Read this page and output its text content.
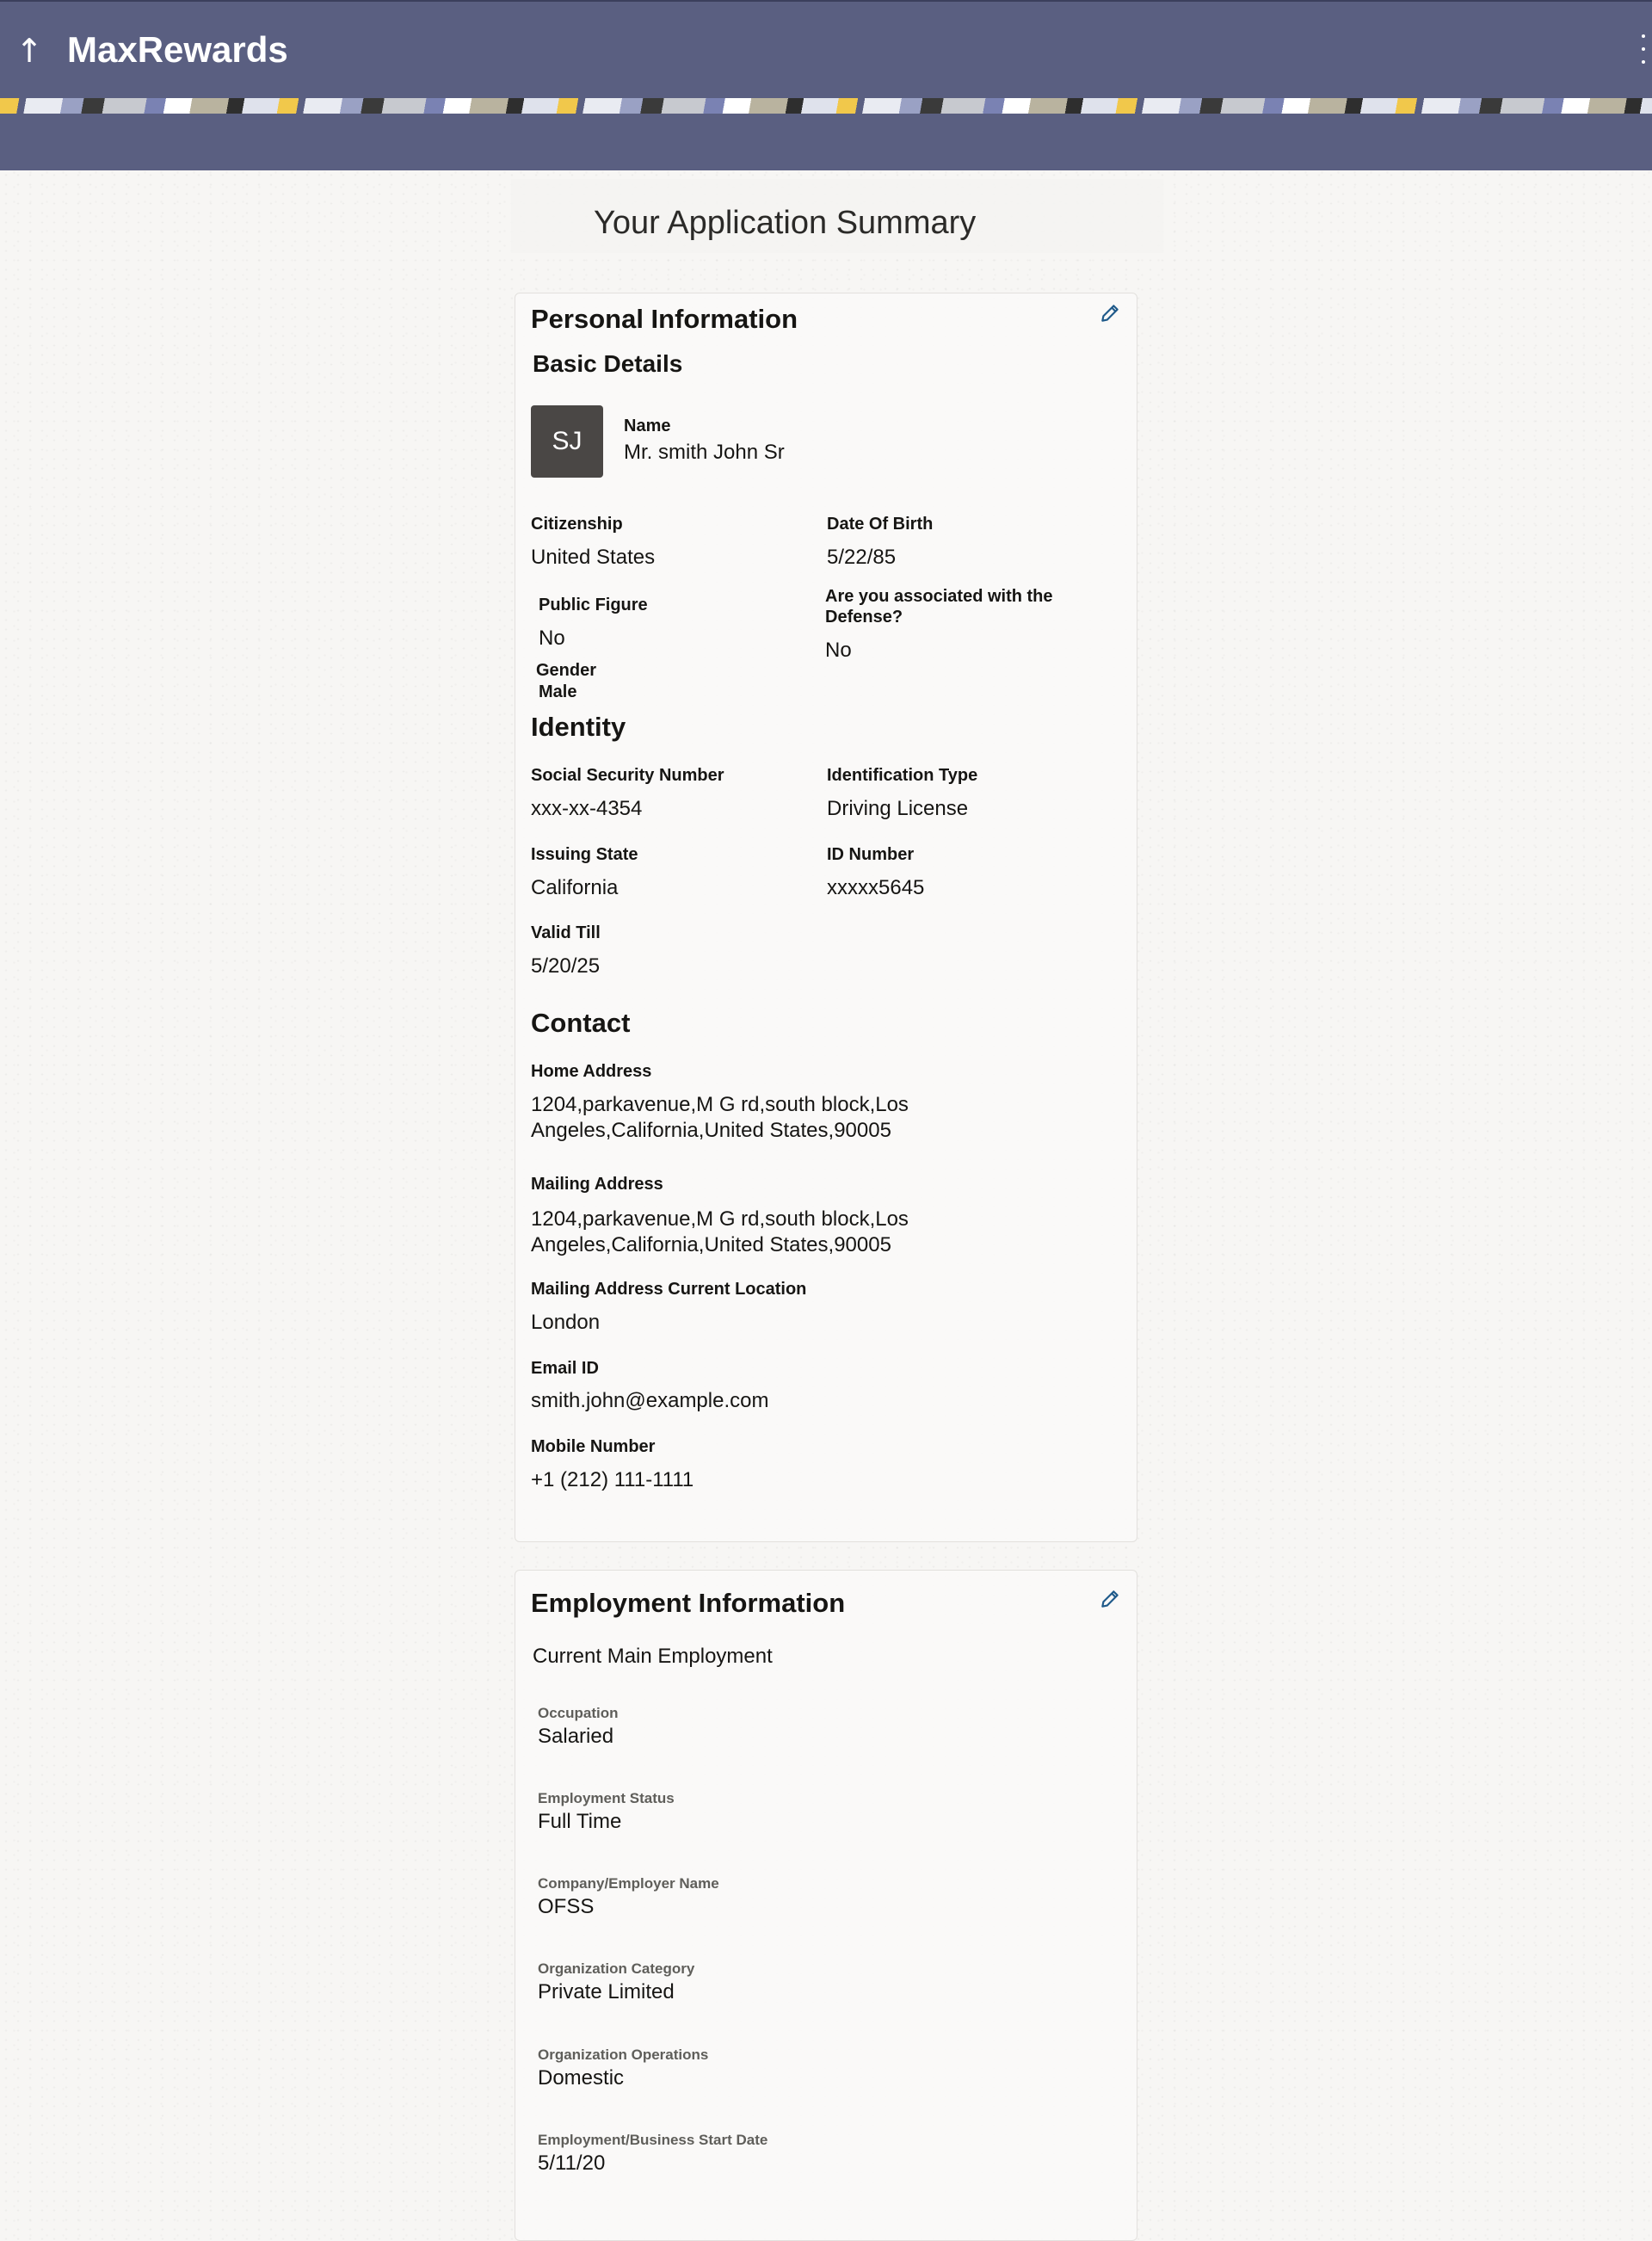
↑ MaxRewards
Your Application Summary
Personal Information
Basic Details
SJ
Name
Mr. smith John Sr
Citizenship
United States
Date Of Birth
5/22/85
Public Figure
No
Are you associated with the Defense?
No
Gender
Male
Identity
Social Security Number
xxx-xx-4354
Identification Type
Driving License
Issuing State
California
ID Number
xxxxx5645
Valid Till
5/20/25
Contact
Home Address
1204,parkavenue,M G rd,south block,Los Angeles,California,United States,90005
Mailing Address
1204,parkavenue,M G rd,south block,Los Angeles,California,United States,90005
Mailing Address Current Location
London
Email ID
smith.john@example.com
Mobile Number
+1 (212) 111-1111
Employment Information
Current Main Employment
Occupation
Salaried
Employment Status
Full Time
Company/Employer Name
OFSS
Organization Category
Private Limited
Organization Operations
Domestic
Employment/Business Start Date
5/11/20
